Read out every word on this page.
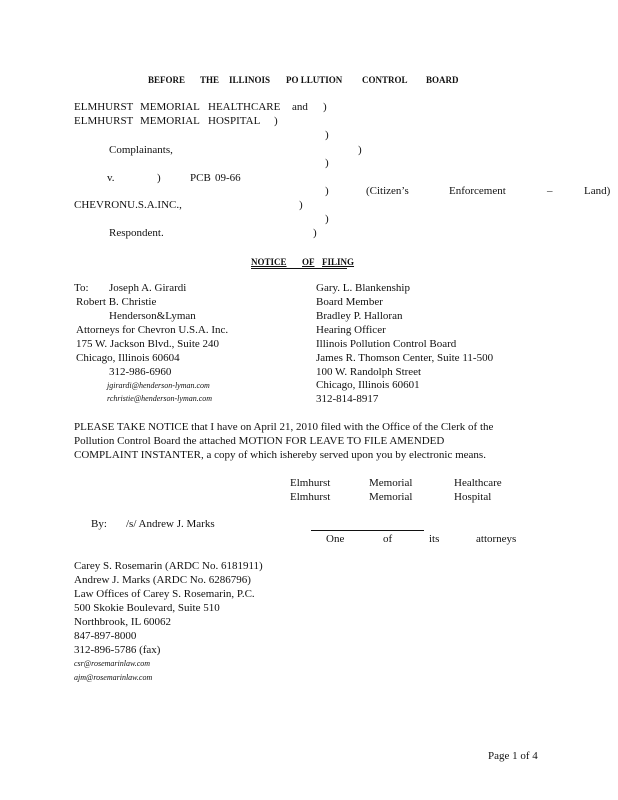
BEFORE THE ILLINOIS PO LLUTION CONTROL BOARD
ELMHURST MEMORIAL HEALTHCARE and )
ELMHURST MEMORIAL HOSPITAL )
)
Complainants,	)
)
v.	)	PCB 09-66
)	(Citizen’s	Enforcement	–	Land)
CHEVRONU.S.A.INC.,	)
)
Respondent.	)
NOTICE OF FILING
To: Joseph A. Girardi
Robert B. Christie
Henderson&Lyman
Attorneys for Chevron U.S.A. Inc.
175 W. Jackson Blvd., Suite 240
Chicago, Illinois 60604
312-986-6960
jgirardi@henderson-lyman.com
rchristie@henderson-lyman.com
Gary. L. Blankenship
Board Member
Bradley P. Halloran
Hearing Officer
Illinois Pollution Control Board
James R. Thomson Center, Suite 11-500
100 W. Randolph Street
Chicago, Illinois 60601
312-814-8917
PLEASE TAKE NOTICE that I have on April 21, 2010 filed with the Office of the Clerk of the
Pollution Control Board the attached MOTION FOR LEAVE TO FILE AMENDED
COMPLAINT INSTANTER, a copy of which ishereby served upon you by electronic means.
Elmhurst	Memorial	Healthcare
Elmhurst	Memorial	Hospital
By: /s/ Andrew J. Marks
One	of	its	attorneys
Carey S. Rosemarin (ARDC No. 6181911)
Andrew J. Marks (ARDC No. 6286796)
Law Offices of Carey S. Rosemarin, P.C.
500 Skokie Boulevard, Suite 510
Northbrook, IL 60062
847-897-8000
312-896-5786 (fax)
csr@rosemarinlaw.com
ajm@rosemarinlaw.com
Page 1 of 4
